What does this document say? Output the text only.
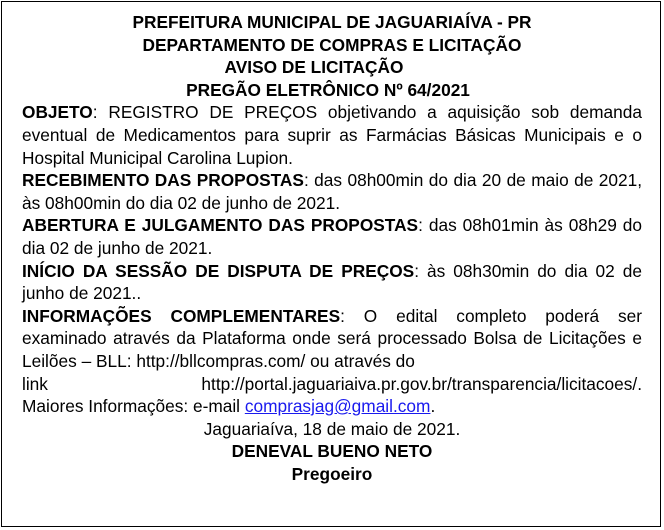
PREFEITURA MUNICIPAL DE JAGUARIAÍVA - PR
DEPARTAMENTO DE COMPRAS E LICITAÇÃO
AVISO DE LICITAÇÃO
PREGÃO ELETRÔNICO Nº 64/2021

OBJETO: REGISTRO DE PREÇOS objetivando a aquisição sob demanda eventual de Medicamentos para suprir as Farmácias Básicas Municipais e o Hospital Municipal Carolina Lupion.

RECEBIMENTO DAS PROPOSTAS: das 08h00min do dia 20 de maio de 2021, às 08h00min do dia 02 de junho de 2021.

ABERTURA E JULGAMENTO DAS PROPOSTAS: das 08h01min às 08h29 do dia 02 de junho de 2021.

INÍCIO DA SESSÃO DE DISPUTA DE PREÇOS: às 08h30min do dia 02 de junho de 2021..

INFORMAÇÕES COMPLEMENTARES: O edital completo poderá ser examinado através da Plataforma onde será processado Bolsa de Licitações e Leilões – BLL: http://bllcompras.com/ ou através do

link	http://portal.jaguariaiva.pr.gov.br/transparencia/licitacoes/.
Maiores Informações: e-mail comprasjag@gmail.com.
Jaguariaíva, 18 de maio de 2021.
DENEVAL BUENO NETO
Pregoeiro
